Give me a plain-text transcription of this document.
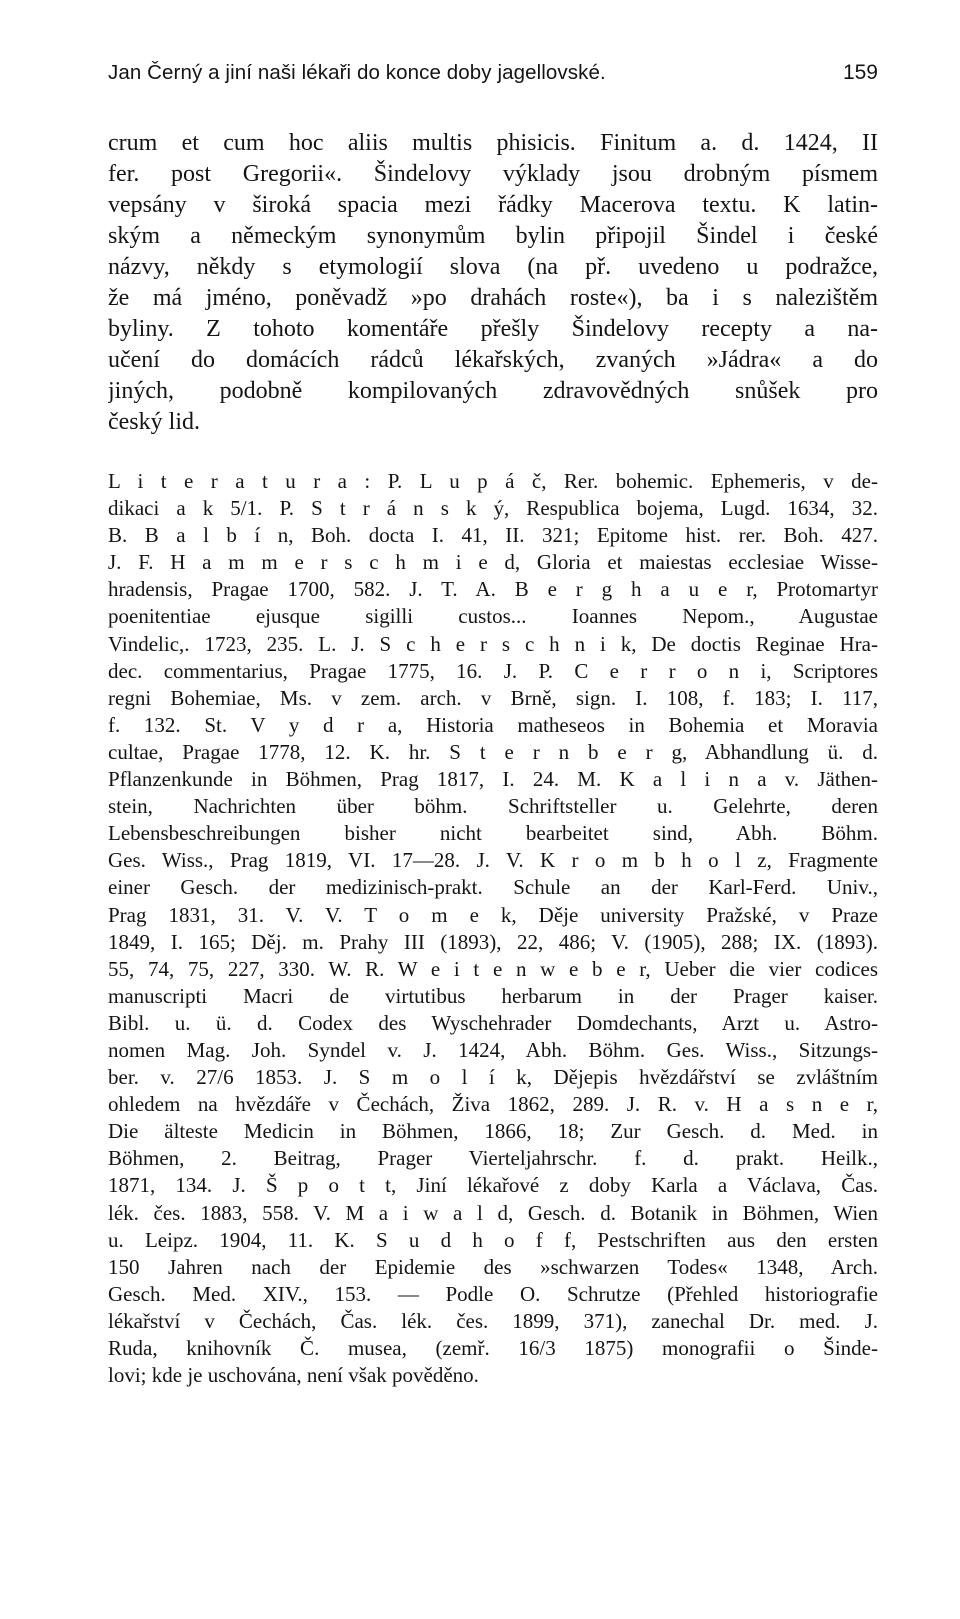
Jan Černý a jiní naši lékaři do konce doby jagellovské.	159
crum et cum hoc aliis multis phisicis. Finitum a. d. 1424, II
fer. post Gregorii«. Šindelovy výklady jsou drobným písmem
vepsány v široká spacia mezi řádky Macerova textu. K latin-
ským a německým synonymům bylin připojil Šindel i české
názvy, někdy s etymologií slova (na př. uvedeno u podražce,
že má jméno, poněvadž »po drahách roste«), ba i s nalezištěm
byliny. Z tohoto komentáře přešly Šindelovy recepty a na-
učení do domácích rádců lékařských, zvaných »Jádra« a do
jiných, podobně kompilovaných zdravovědných snůšek pro
český lid.
L i t e r a t u r a : P. L u p á č, Rer. bohemic. Ephemeris, v de-
dikaci a k 5/1. P. S t r á n s k ý, Respublica bojema, Lugd. 1634, 32.
B. B a l b í n, Boh. docta I. 41, II. 321; Epitome hist. rer. Boh. 427.
J. F. H a m m e r s c h m i e d, Gloria et maiestas ecclesiae Wisse-
hradensis, Pragae 1700, 582. J. T. A. B e r g h a u e r, Protomartyr
poenitentiae ejusque sigilli custos... Ioannes Nepom., Augustae
Vindelic,. 1723, 235. L. J. S c h e r s c h n i k, De doctis Reginae Hra-
dec. commentarius, Pragae 1775, 16. J. P. C e r r o n i, Scriptores
regni Bohemiae, Ms. v zem. arch. v Brně, sign. I. 108, f. 183; I. 117,
f. 132. St. V y d r a, Historia matheseos in Bohemia et Moravia
cultae, Pragae 1778, 12. K. hr. S t e r n b e r g, Abhandlung ü. d.
Pflanzenkunde in Böhmen, Prag 1817, I. 24. M. K a l i n a v. Jäthen-
stein, Nachrichten über böhm. Schriftsteller u. Gelehrte, deren
Lebensbeschreibungen bisher nicht bearbeitet sind, Abh. Böhm.
Ges. Wiss., Prag 1819, VI. 17—28. J. V. K r o m b h o l z, Fragmente
einer Gesch. der medizinisch-prakt. Schule an der Karl-Ferd. Univ.,
Prag 1831, 31. V. V. T o m e k, Děje university Pražské, v Praze
1849, I. 165; Děj. m. Prahy III (1893), 22, 486; V. (1905), 288; IX. (1893).
55, 74, 75, 227, 330. W. R. W e i t e n w e b e r, Ueber die vier codices
manuscripti Macri de virtutibus herbarum in der Prager kaiser.
Bibl. u. ü. d. Codex des Wyschehrader Domdechants, Arzt u. Astro-
nomen Mag. Joh. Syndel v. J. 1424, Abh. Böhm. Ges. Wiss., Sitzungs-
ber. v. 27/6 1853. J. S m o l í k, Dějepis hvězdářství se zvláštním
ohledem na hvězdáře v Čechách, Živa 1862, 289. J. R. v. H a s n e r,
Die älteste Medicin in Böhmen, 1866, 18; Zur Gesch. d. Med. in
Böhmen, 2. Beitrag, Prager Vierteljahrschr. f. d. prakt. Heilk.,
1871, 134. J. Š p o t t, Jiní lékařové z doby Karla a Václava, Čas.
lék. čes. 1883, 558. V. M a i w a l d, Gesch. d. Botanik in Böhmen, Wien
u. Leipz. 1904, 11. K. S u d h o f f, Pestschriften aus den ersten
150 Jahren nach der Epidemie des »schwarzen Todes« 1348, Arch.
Gesch. Med. XIV., 153. — Podle O. Schrutze (Přehled historiografie
lékařství v Čechách, Čas. lék. čes. 1899, 371), zanechal Dr. med. J.
Ruda, knihovník Č. musea, (zemř. 16/3 1875) monografii o Šinde-
lovi; kde je uschována, není však pověděno.
